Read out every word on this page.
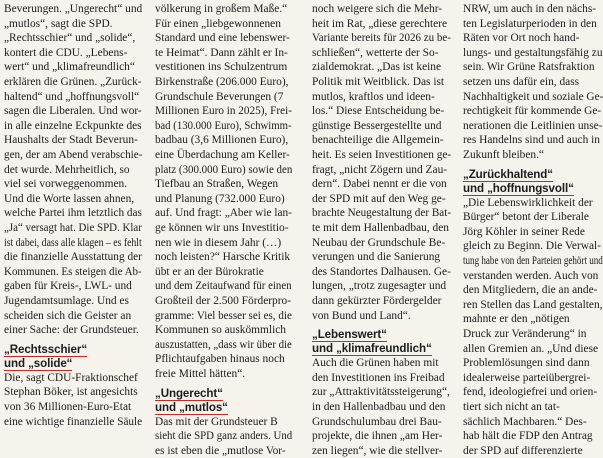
Beverungen. „Ungerecht“ und
„mutlos“, sagt die SPD.
„Rechtsschier“ und „solide“,
kontert die CDU. „Lebens-
wert“ und „klimafreundlich“
erklären die Grünen. „Zurück-
haltend“ und „hoffnungsvoll“
sagen die Liberalen. Und wor-
in alle einzelne Eckpunkte des
Haushalts der Stadt Beverun-
gen, der am Abend verabschie-
det wurde. Mehrheitlich, so
viel sei vorweggenommen.
Und die Worte lassen ahnen,
welche Partei ihm letztlich das
„Ja“ versagt hat. Die SPD. Klar
ist dabei, dass alle klagen – es fehlt
die finanzielle Ausstattung der
Kommunen. Es steigen die Ab-
gaben für Kreis-, LWL- und
Jugendamtsumlage. Und es
scheiden sich die Geister an
einer Sache: der Grundsteuer.
„Rechtsschier“
und „solide“
Die, sagt CDU-Fraktionschef
Stephan Böker, ist angesichts
von 36 Millionen-Euro-Etat
eine wichtige finanzielle Säule
völkerung in großem Maße.“
Für einen „liebgewonnenen
Standard und eine lebenswer-
te Heimat“. Dann zählt er In-
vestitionen ins Schulzentrum
Birkenstraße (206.000 Euro),
Grundschule Beverungen (7
Millionen Euro in 2025), Frei-
bad (130.000 Euro), Schwimm-
badbau (3,6 Millionen Euro),
eine Überdachung am Keller-
platz (300.000 Euro) sowie den
Tiefbau an Straßen, Wegen
und Planung (732.000 Euro)
auf. Und fragt: „Aber wie lan-
ge können wir uns Investitio-
nen wie in diesem Jahr (…)
noch leisten?“ Harsche Kritik
übt er an der Bürokratie
und dem Zeitaufwand für einen
Großteil der 2.500 Förderpro-
gramme: Viel besser sei es, die
Kommunen so auskömmlich
auszustatten, „dass wir über die
Pflichtaufgaben hinaus noch
freie Mittel hätten“.
„Ungerecht“
und „mutlos“
Das mit der Grundsteuer B
sieht die SPD ganz anders. Und
es ist eben die „mutlose Vor-
noch weigere sich die Mehr-
heit im Rat, „diese gerechtere
Variante bereits für 2026 zu be-
schließen“, wetterte der So-
zialdemokrat. „Das ist keine
Politik mit Weitblick. Das ist
mutlos, kraftlos und ideen-
los.“ Diese Entscheidung be-
günstige Bessergestellte und
benachteilige die Allgemein-
heit. Es seien Investitionen ge-
fragt, „nicht Zögern und Zau-
dern“. Dabei nennt er die von
der SPD mit auf den Weg ge-
brachte Neugestaltung der Bat-
te mit dem Hallenbadbau, den
Neubau der Grundschule Be-
verungen und die Sanierung
des Standortes Dalhausen. Ge-
lungen, „trotz zugesagter und
dann gekürzter Fördergelder
von Bund und Land“.
„Lebenswert“
und „klimafreundlich“
Auch die Grünen haben mit
den Investitionen ins Freibad
zur „Attraktivitätssteigerung“,
in den Hallenbadbau und den
Grundschulumbau drei Bau-
projekte, die ihnen „am Her-
zen liegen“, wie die stellver-
NRW, um auch in den nächs-
ten Legislaturperioden in den
Räten vor Ort noch hand-
lungs- und gestaltungsfähig zu
sein. Wir Grüne Ratsfraktion
setzen uns dafür ein, dass
Nachhaltigkeit und soziale Ge-
rechtigkeit für kommende Ge-
nerationen die Leitlinien unse-
res Handelns sind und auch in
Zukunft bleiben.“
„Zurückhaltend“
und „hoffnungsvoll“
„Die Lebenswirklichkeit der
Bürger“ betont der Liberale
Jörg Köhler in seiner Rede
gleich zu Beginn. Die Verwal-
tung habe von den Parteien gehört und
verstanden werden. Auch von
den Mitgliedern, die an ande-
ren Stellen das Land gestalten,
mahnte er den „nötigen
Druck zur Veränderung“ in
allen Gremien an. „Und diese
Problemlösungen sind dann
idealerweise parteiübergrei-
fend, ideologiefrei und orien-
tiert sich nicht an tat-
sächlich Machbaren.“ Des-
hab hält die FDP den Antrag
der SPD auf differenzierte
